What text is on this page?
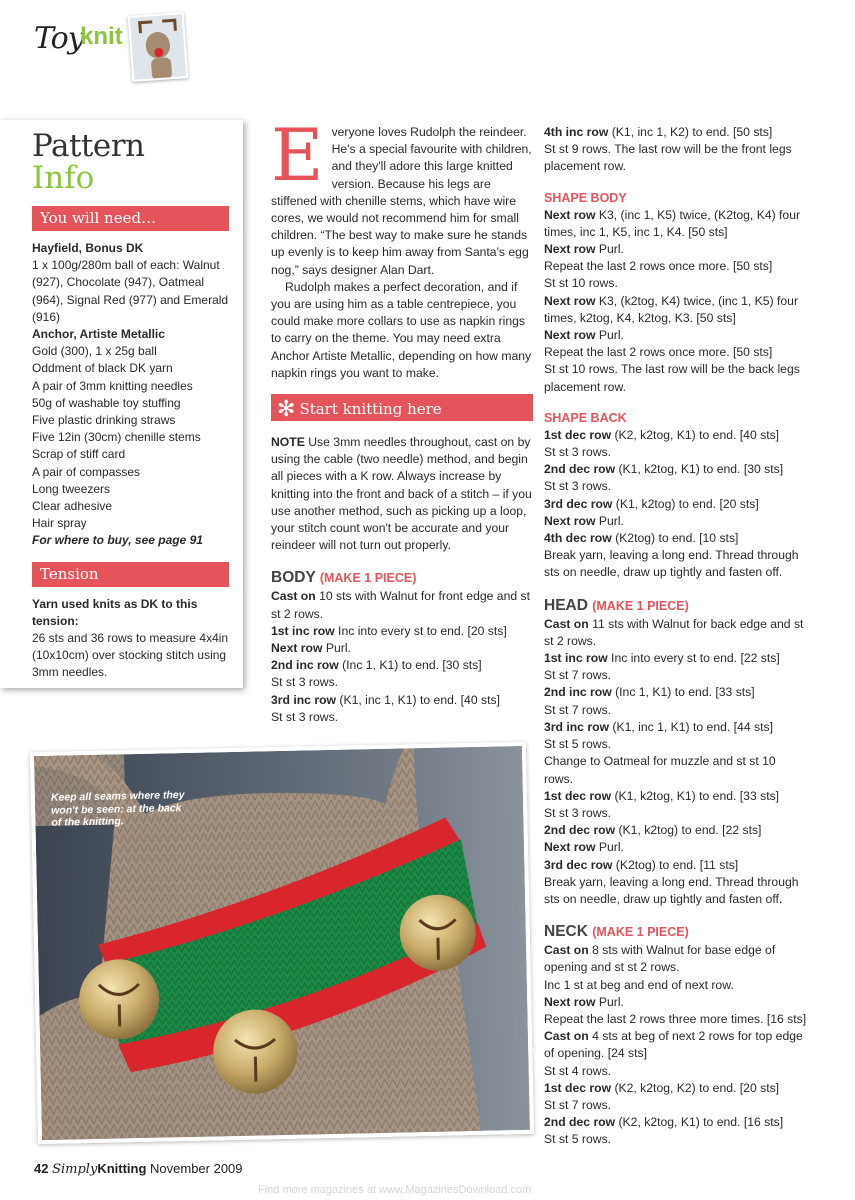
Toy
knit
Pattern
Info
You will need…

Hayfield, Bonus DK

1 x 100g/280m ball of each: Walnut (927), Chocolate (947), Oatmeal (964), Signal Red (977) and Emerald (916)

Anchor, Artiste Metallic

Gold (300), 1 x 25g ball

Oddment of black DK yarn

A pair of 3mm knitting needles

50g of washable toy stuffing

Five plastic drinking straws

Five 12in (30cm) chenille stems

Scrap of stiff card

A pair of compasses

Long tweezers

Clear adhesive

Hair spray

For where to buy, see page 91

Tension

Yarn used knits as DK to this tension:

26 sts and 36 rows to measure 4x4in (10x10cm) over stocking stitch using 3mm needles.

E veryone loves Rudolph the reindeer. He's a special favourite with children, and they'll adore this large knitted version. Because his legs are stiffened with chenille stems, which have wire cores, we would not recommend him for small children. “The best way to make sure he stands up evenly is to keep him away from Santa's egg nog,” says designer Alan Dart.

Rudolph makes a perfect decoration, and if you are using him as a table centrepiece, you could make more collars to use as napkin rings to carry on the theme. You may need extra Anchor Artiste Metallic, depending on how many napkin rings you want to make.

✻ Start knitting here

NOTE Use 3mm needles throughout, cast on by using the cable (two needle) method, and begin all pieces with a K row. Always increase by knitting into the front and back of a stitch – if you use another method, such as picking up a loop, your stitch count won't be accurate and your reindeer will not turn out properly.

BODY (MAKE 1 PIECE)

Cast on 10 sts with Walnut for front edge and st st 2 rows.

1st inc row Inc into every st to end. [20 sts]

Next row Purl.

2nd inc row (Inc 1, K1) to end. [30 sts]

St st 3 rows.

3rd inc row (K1, inc 1, K1) to end. [40 sts]

St st 3 rows.

4th inc row (K1, inc 1, K2) to end. [50 sts]

St st 9 rows. The last row will be the front legs placement row.

SHAPE BODY

Next row K3, (inc 1, K5) twice, (K2tog, K4) four times, inc 1, K5, inc 1, K4. [50 sts]

Next row Purl.

Repeat the last 2 rows once more. [50 sts]

St st 10 rows.

Next row K3, (k2tog, K4) twice, (inc 1, K5) four times, k2tog, K4, k2tog, K3. [50 sts]

Next row Purl.

Repeat the last 2 rows once more. [50 sts]

St st 10 rows. The last row will be the back legs placement row.

SHAPE BACK

1st dec row (K2, k2tog, K1) to end. [40 sts]

St st 3 rows.

2nd dec row (K1, k2tog, K1) to end. [30 sts]

St st 3 rows.

3rd dec row (K1, k2tog) to end. [20 sts]

Next row Purl.

4th dec row (K2tog) to end. [10 sts]

Break yarn, leaving a long end. Thread through sts on needle, draw up tightly and fasten off.

HEAD (MAKE 1 PIECE)

Cast on 11 sts with Walnut for back edge and st st 2 rows.

1st inc row Inc into every st to end. [22 sts]

St st 7 rows.

2nd inc row (Inc 1, K1) to end. [33 sts]

St st 7 rows.

3rd inc row (K1, inc 1, K1) to end. [44 sts]

St st 5 rows.

Change to Oatmeal for muzzle and st st 10 rows.

1st dec row (K1, k2tog, K1) to end. [33 sts]

St st 3 rows.

2nd dec row (K1, k2tog) to end. [22 sts]

Next row Purl.

3rd dec row (K2tog) to end. [11 sts]

Break yarn, leaving a long end. Thread through sts on needle, draw up tightly and fasten off.

NECK (MAKE 1 PIECE)

Cast on 8 sts with Walnut for base edge of opening and st st 2 rows.

Inc 1 st at beg and end of next row.

Next row Purl.

Repeat the last 2 rows three more times. [16 sts]

Cast on 4 sts at beg of next 2 rows for top edge of opening. [24 sts]

St st 4 rows.

1st dec row (K2, k2tog, K2) to end. [20 sts]

St st 7 rows.

2nd dec row (K2, k2tog, K1) to end. [16 sts]

St st 5 rows.

Keep all seams where they won't be seen: at the back of the knitting.
42 SimplyKnitting November 2009
Find more magazines at www.MagazinesDownload.com
